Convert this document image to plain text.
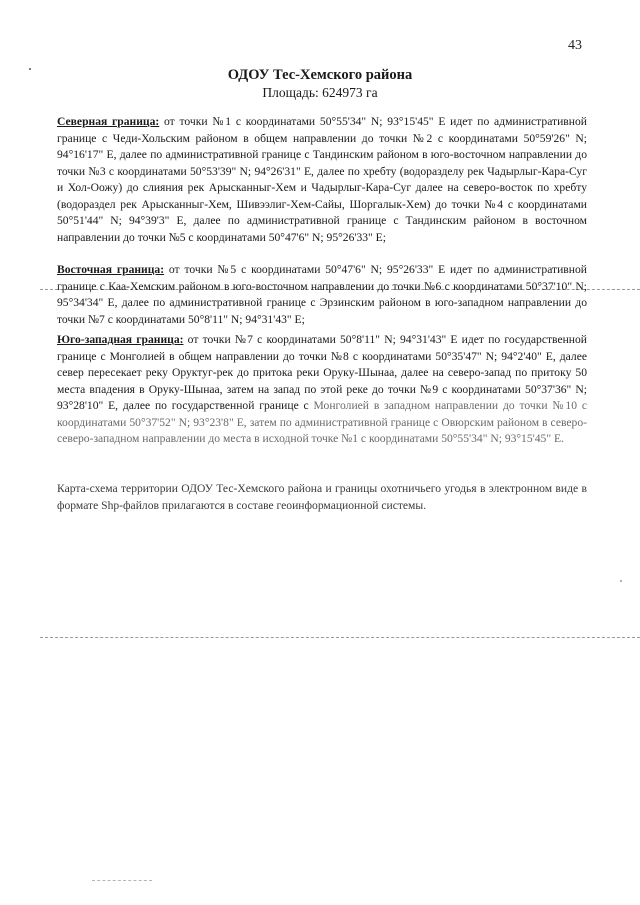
43

ОДОУ Тес-Хемского района

Площадь: 624973 га

Северная граница: от точки №1 с координатами 50°55'34" N; 93°15'45" E идет по административной границе с Чеди-Хольским районом в общем направлении до точки №2 с координатами 50°59'26" N; 94°16'17" E, далее по административной границе с Тандинским районом в юго-восточном направлении до точки №3 с координатами 50°53'39" N; 94°26'31" E, далее по хребту (водоразделу рек Чадырлыг-Кара-Суг и Хол-Оожу) до слияния рек Арысканныг-Хем и Чадырлыг-Кара-Суг далее на северо-восток по хребту (водораздел рек Арысканныг-Хем, Шивээлиг-Хем-Сайы, Шоргалык-Хем) до точки №4 с координатами 50°51'44" N; 94°39'3" E, далее по административной границе с Тандинским районом в восточном направлении до точки №5 с координатами 50°47'6" N; 95°26'33" E;

Восточная граница: от точки №5 с координатами 50°47'6" N; 95°26'33" E идет по административной границе с Каа-Хемским районом в юго-восточном направлении до точки №6 с координатами 50°37'10" N; 95°34'34" E, далее по административной границе с Эрзинским районом в юго-западном направлении до точки №7 с координатами 50°8'11" N; 94°31'43" E;

Юго-западная граница: от точки №7 с координатами 50°8'11" N; 94°31'43" E идет по государственной границе с Монголией в общем направлении до точки №8 с координатами 50°35'47" N; 94°2'40" E, далее север пересекает реку Оруктуг-рек до притока реки Оруку-Шынаа, далее на северо-запад по притоку 50 места впадения в Оруку-Шынаа, затем на запад по этой реке до точки №9 с координатами 50°37'36" N; 93°28'10" E, далее по государственной границе с Монголией в западном направлении до точки №10 с координатами 50°37'52" N; 93°23'8" E, затем по административной границе с Овюрским районом в северо-северо-западном направлении до места в исходной точке №1 с координатами 50°55'34" N; 93°15'45" E.

Карта-схема территории ОДОУ Тес-Хемского района и границы охотничьего угодья в электронном виде в формате Shp-файлов прилагаются в составе геоинформационной системы.
